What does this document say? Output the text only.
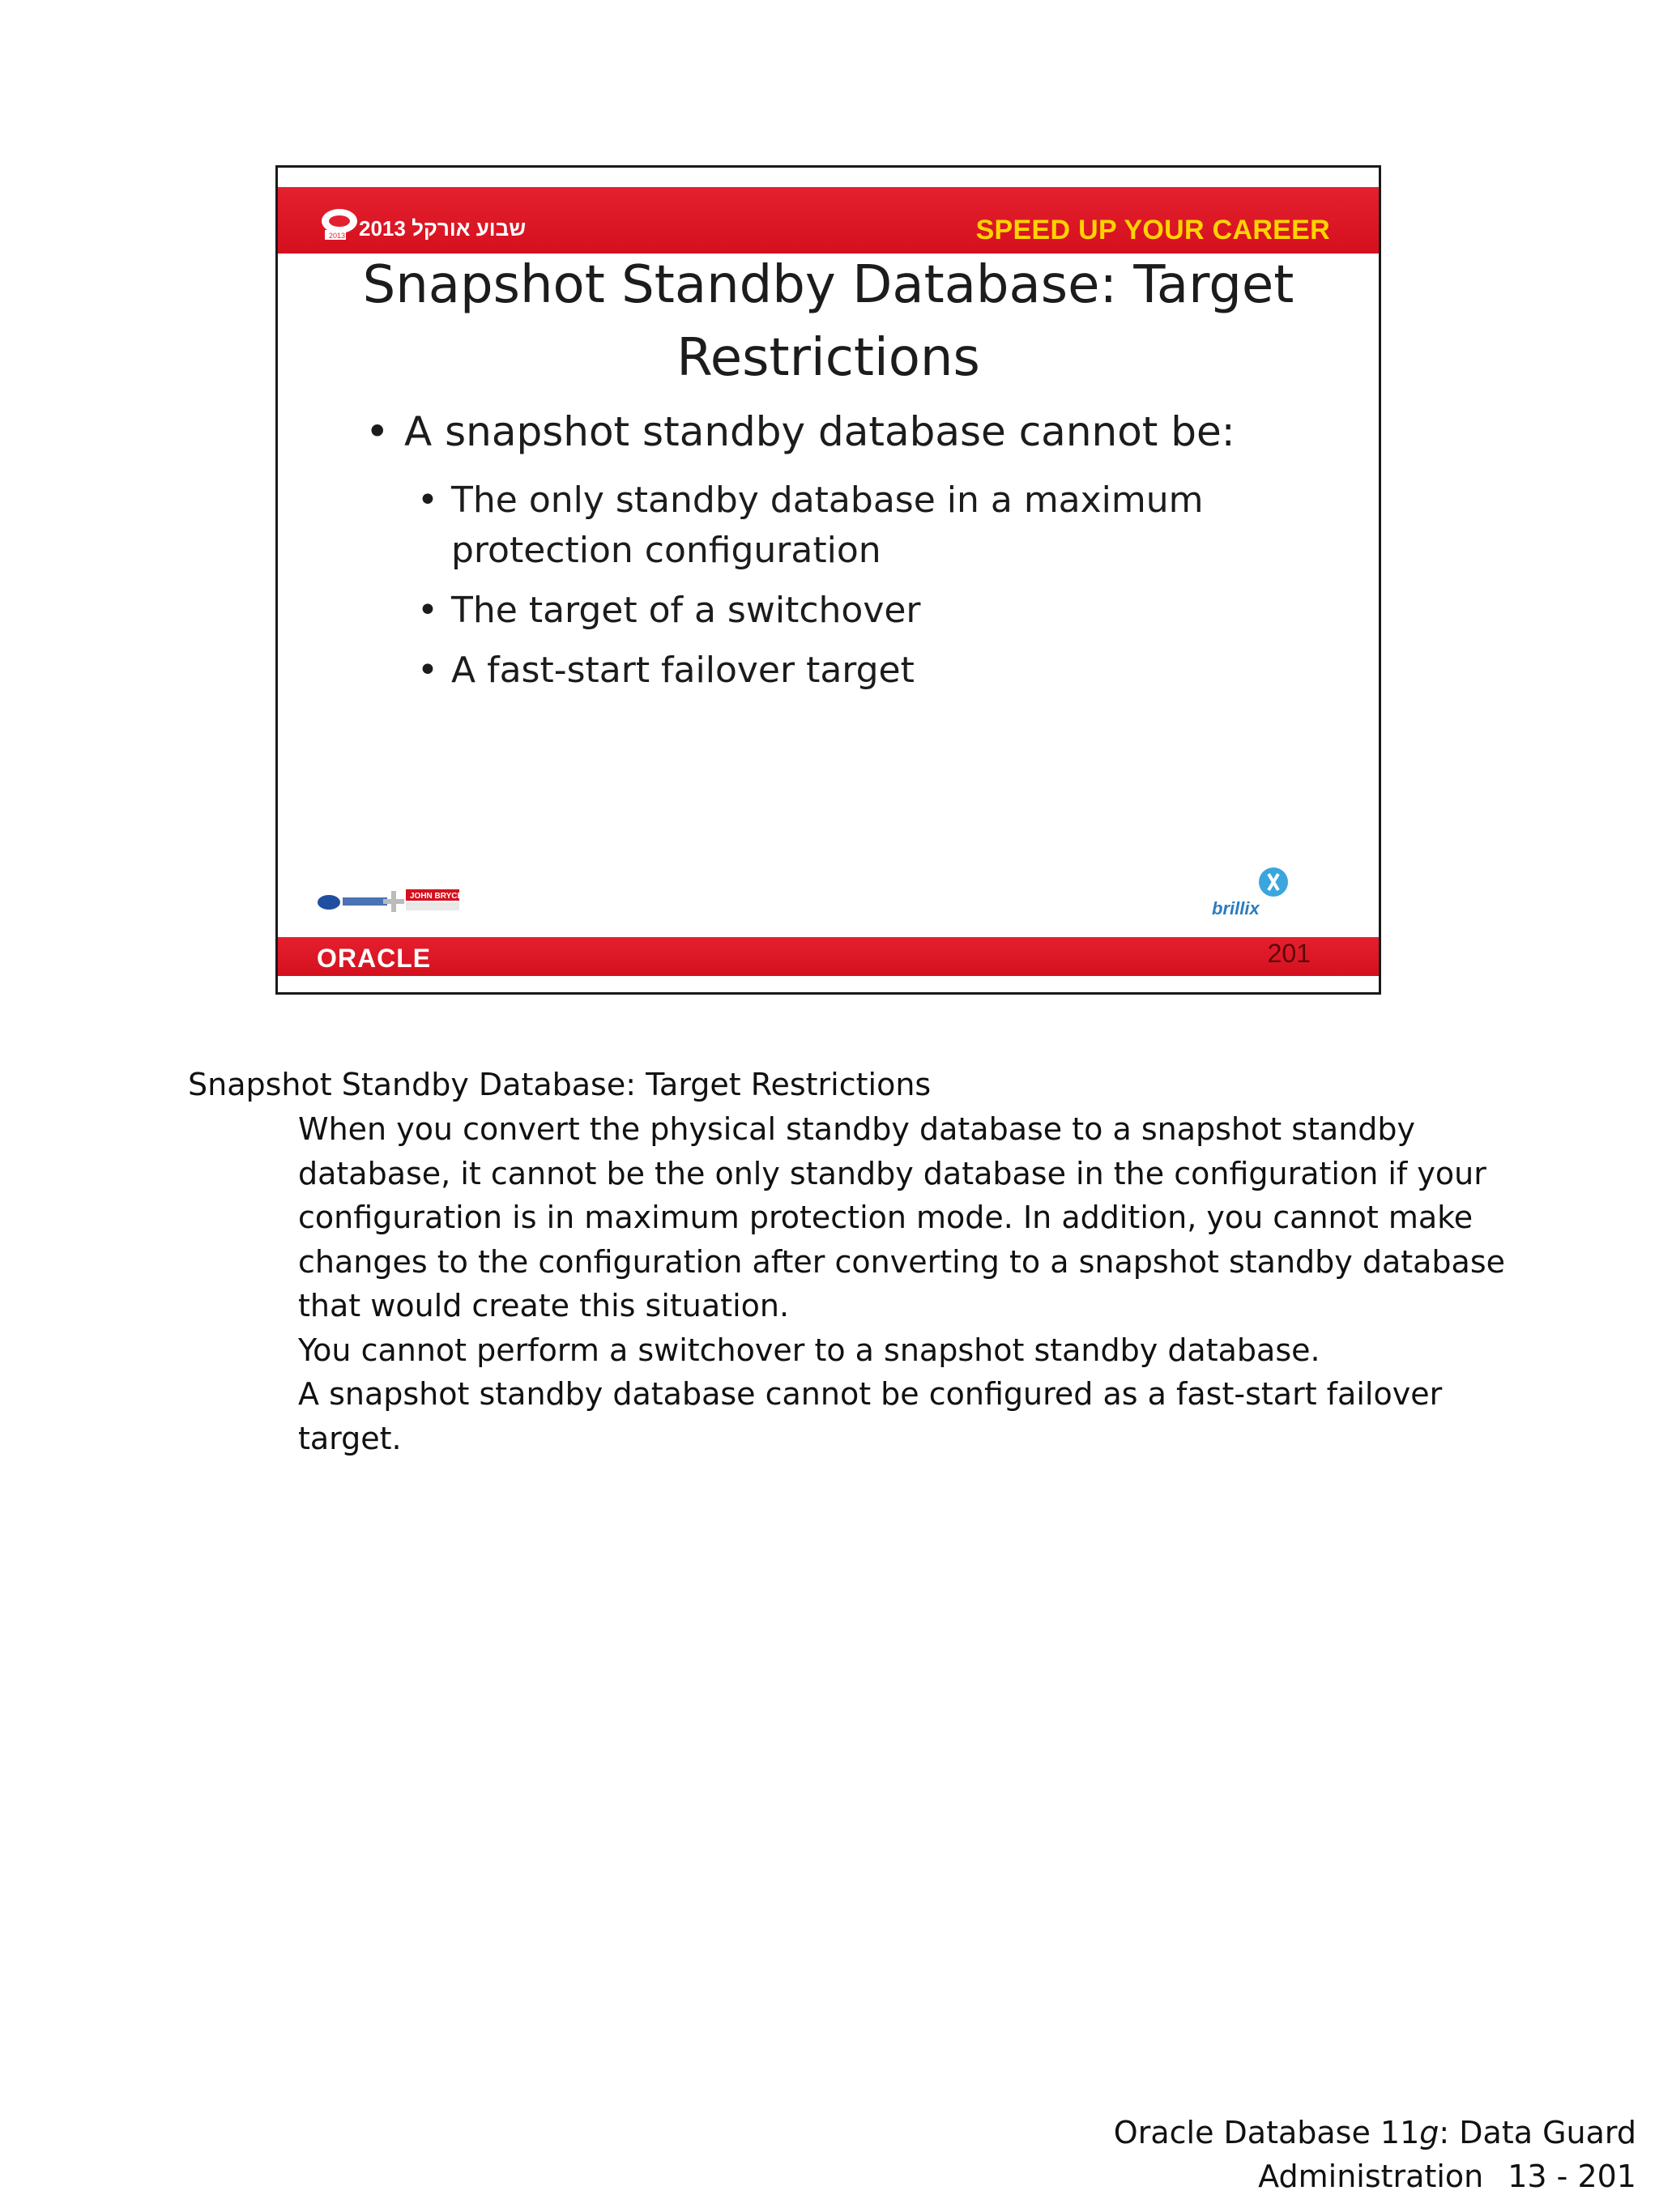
2013 שבוע אורקל 2013	SPEED UP YOUR CAREER
Snapshot Standby Database: Target
Restrictions
• A snapshot standby database cannot be:
• The only standby database in a maximum
protection configuration
• The target of a switchover
• A fast-start failover target
JOHN BRYCE
brillix
ORACLE	201
Snapshot Standby Database: Target Restrictions
When you convert the physical standby database to a snapshot standby
database, it cannot be the only standby database in the configuration if your
configuration is in maximum protection mode. In addition, you cannot make
changes to the configuration after converting to a snapshot standby database
that would create this situation.
You cannot perform a switchover to a snapshot standby database.
A snapshot standby database cannot be configured as a fast-start failover
target.
Oracle Database 11g: Data Guard
Administration 13 - 201
